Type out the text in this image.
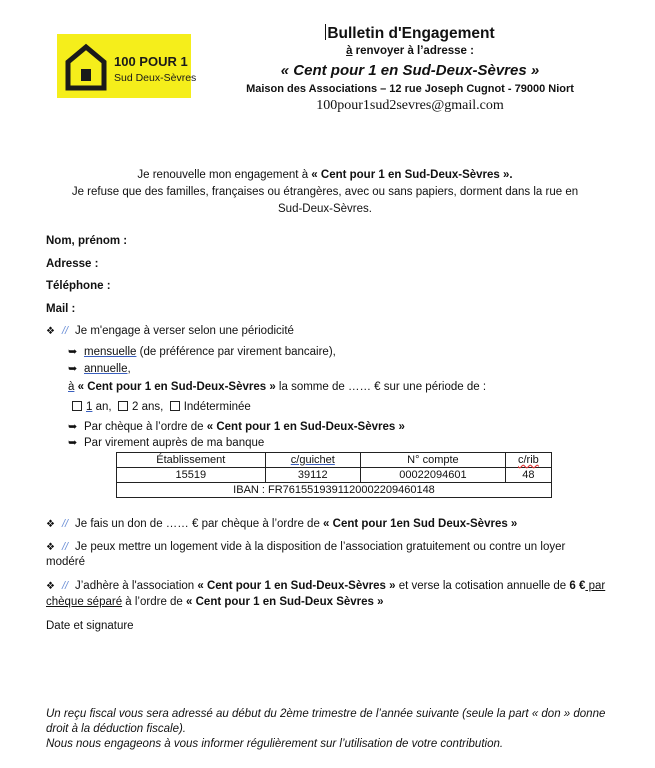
100 POUR 1
Sud Deux-Sèvres
Bulletin d'Engagement
à renvoyer à l’adresse :
« Cent pour 1 en Sud-Deux-Sèvres »
Maison des Associations – 12 rue Joseph Cugnot - 79000 Niort
100pour1sud2sevres@gmail.com
Je renouvelle mon engagement à « Cent pour 1 en Sud-Deux-Sèvres ».
Je refuse que des familles, françaises ou étrangères, avec ou sans papiers, dorment dans la rue en
Sud-Deux-Sèvres.
Nom, prénom :
Adresse :
Téléphone :
Mail :
❖ // Je m'engage à verser selon une périodicité
➥ mensuelle (de préférence par virement bancaire),
➥ annuelle,
à « Cent pour 1 en Sud-Deux-Sèvres » la somme de …… € sur une période de :
1 an, 2 ans, Indéterminée
➥ Par chèque à l’ordre de « Cent pour 1 en Sud-Deux-Sèvres »
➥ Par virement auprès de ma banque
Établissement	c/guichet	N° compte	c/rib
15519	39112	00022094601	48
IBAN : FR7615519391120002209460148			
❖ // Je fais un don de …… € par chèque à l’ordre de « Cent pour 1en Sud Deux-Sèvres »
❖ // Je peux mettre un logement vide à la disposition de l’association gratuitement ou contre un loyer
modéré
❖ // J’adhère à l'association « Cent pour 1 en Sud-Deux-Sèvres » et verse la cotisation annuelle de 6 € par
chèque séparé à l’ordre de « Cent pour 1 en Sud-Deux Sèvres »
Date et signature
Un reçu fiscal vous sera adressé au début du 2ème trimestre de l’année suivante (seule la part « don » donne
droit à la déduction fiscale).
Nous nous engageons à vous informer régulièrement sur l’utilisation de votre contribution.
